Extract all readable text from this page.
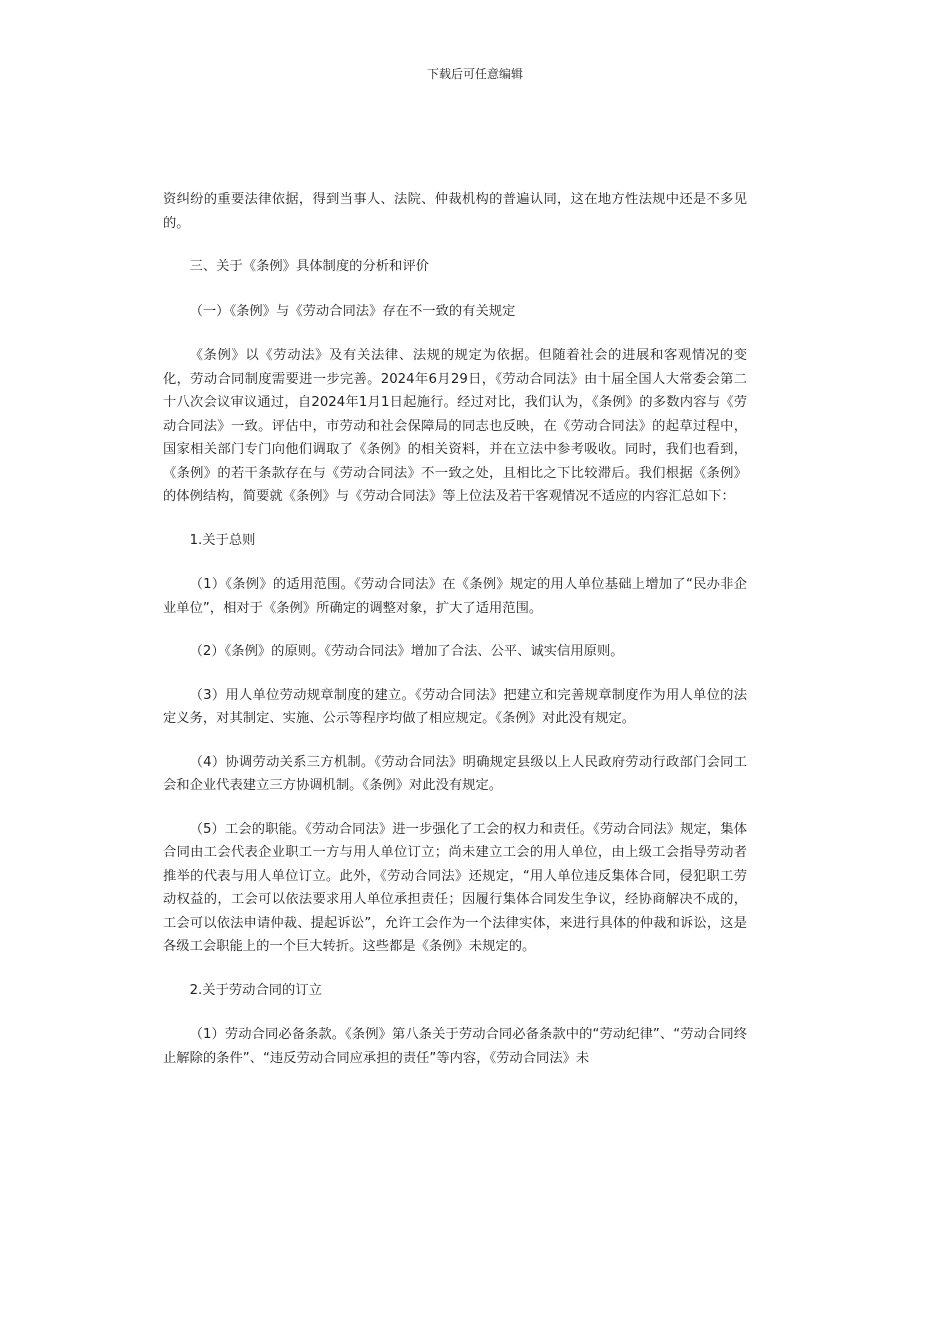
下载后可任意编辑

资纠纷的重要法律依据，得到当事人、法院、仲裁机构的普遍认同，这在地方性法规中还是不多见的。

三、关于《条例》具体制度的分析和评价

（一）《条例》与《劳动合同法》存在不一致的有关规定

《条例》以《劳动法》及有关法律、法规的规定为依据。但随着社会的进展和客观情况的变化，劳动合同制度需要进一步完善。2024年6月29日，《劳动合同法》由十届全国人大常委会第二十八次会议审议通过，自2024年1月1日起施行。经过对比，我们认为，《条例》的多数内容与《劳动合同法》一致。评估中，市劳动和社会保障局的同志也反映，在《劳动合同法》的起草过程中，国家相关部门专门向他们调取了《条例》的相关资料，并在立法中参考吸收。同时，我们也看到，《条例》的若干条款存在与《劳动合同法》不一致之处，且相比之下比较滞后。我们根据《条例》的体例结构，简要就《条例》与《劳动合同法》等上位法及若干客观情况不适应的内容汇总如下：

1.关于总则

（1）《条例》的适用范围。《劳动合同法》在《条例》规定的用人单位基础上增加了“民办非企业单位”，相对于《条例》所确定的调整对象，扩大了适用范围。

（2）《条例》的原则。《劳动合同法》增加了合法、公平、诚实信用原则。

（3）用人单位劳动规章制度的建立。《劳动合同法》把建立和完善规章制度作为用人单位的法定义务，对其制定、实施、公示等程序均做了相应规定。《条例》对此没有规定。

（4）协调劳动关系三方机制。《劳动合同法》明确规定县级以上人民政府劳动行政部门会同工会和企业代表建立三方协调机制。《条例》对此没有规定。

（5）工会的职能。《劳动合同法》进一步强化了工会的权力和责任。《劳动合同法》规定，集体合同由工会代表企业职工一方与用人单位订立；尚未建立工会的用人单位，由上级工会指导劳动者推举的代表与用人单位订立。此外，《劳动合同法》还规定，“用人单位违反集体合同，侵犯职工劳动权益的，工会可以依法要求用人单位承担责任；因履行集体合同发生争议，经协商解决不成的，工会可以依法申请仲裁、提起诉讼”，允许工会作为一个法律实体，来进行具体的仲裁和诉讼，这是各级工会职能上的一个巨大转折。这些都是《条例》未规定的。

2.关于劳动合同的订立

（1）劳动合同必备条款。《条例》第八条关于劳动合同必备条款中的“劳动纪律”、“劳动合同终止解除的条件”、“违反劳动合同应承担的责任”等内容，《劳动合同法》未
